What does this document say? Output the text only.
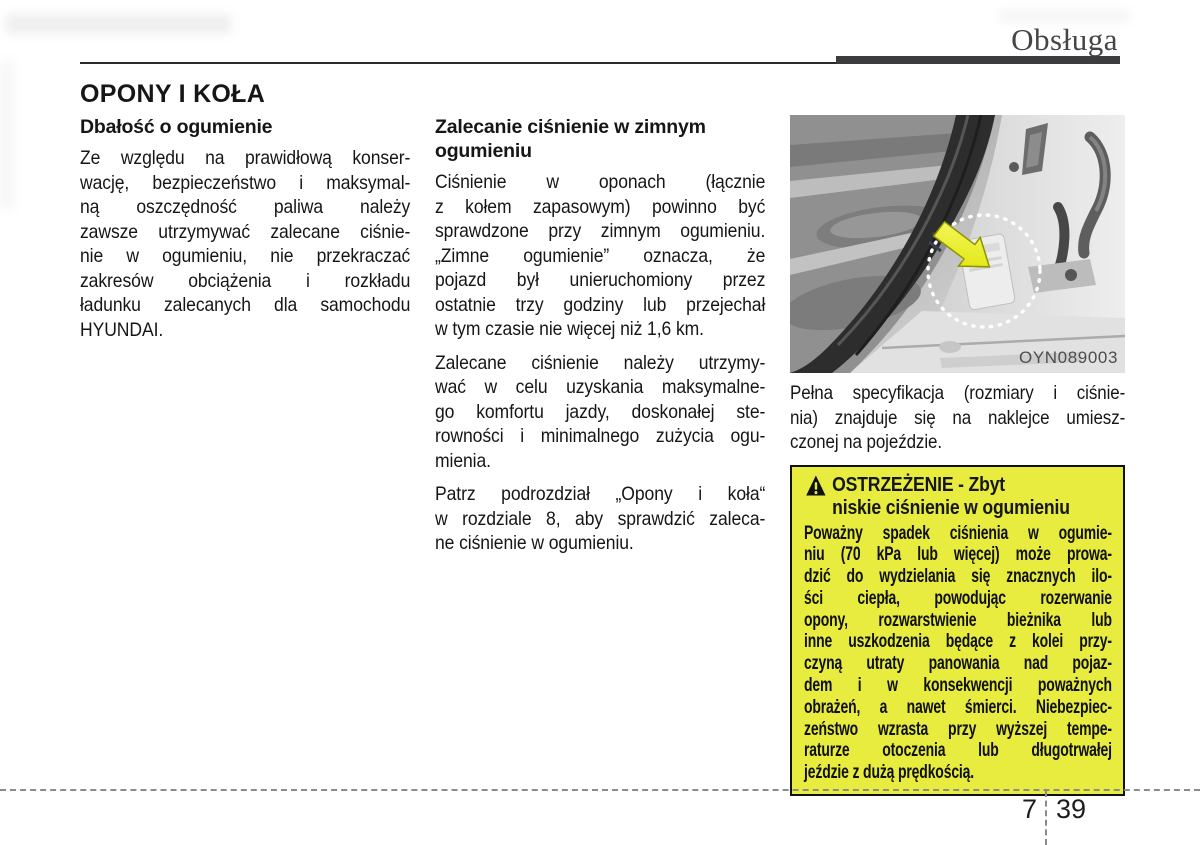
Obsługa
OPONY I KOŁA
Dbałość o ogumienie
Ze względu na prawidłową konser-
wację, bezpieczeństwo i maksymal-
ną oszczędność paliwa należy
zawsze utrzymywać zalecane ciśnie-
nie w ogumieniu, nie przekraczać
zakresów obciążenia i rozkładu
ładunku zalecanych dla samochodu
HYUNDAI.
Zalecanie ciśnienie w zimnym ogumieniu
Ciśnienie w oponach (łącznie
z kołem zapasowym) powinno być
sprawdzone przy zimnym ogumieniu.
„Zimne ogumienie” oznacza, że
pojazd był unieruchomiony przez
ostatnie trzy godziny lub przejechał
w tym czasie nie więcej niż 1,6 km.
Zalecane ciśnienie należy utrzymy-
wać w celu uzyskania maksymalne-
go komfortu jazdy, doskonałej ste-
rowności i minimalnego zużycia ogu-
mienia.
Patrz podrozdział „Opony i koła“
w rozdziale 8, aby sprawdzić zaleca-
ne ciśnienie w ogumieniu.
OYN089003
Pełna specyfikacja (rozmiary i ciśnie-
nia) znajduje się na naklejce umiesz-
czonej na pojeździe.
OSTRZEŻENIE - Zbyt
niskie ciśnienie w ogumieniu
Poważny spadek ciśnienia w ogumie-
niu (70 kPa lub więcej) może prowa-
dzić do wydzielania się znacznych ilo-
ści ciepła, powodując rozerwanie
opony, rozwarstwienie bieżnika lub
inne uszkodzenia będące z kolei przy-
czyną utraty panowania nad pojaz-
dem i w konsekwencji poważnych
obrażeń, a nawet śmierci. Niebezpiec-
zeństwo wzrasta przy wyższej tempe-
raturze otoczenia lub długotrwałej
jeździe z dużą prędkością.
7 39
